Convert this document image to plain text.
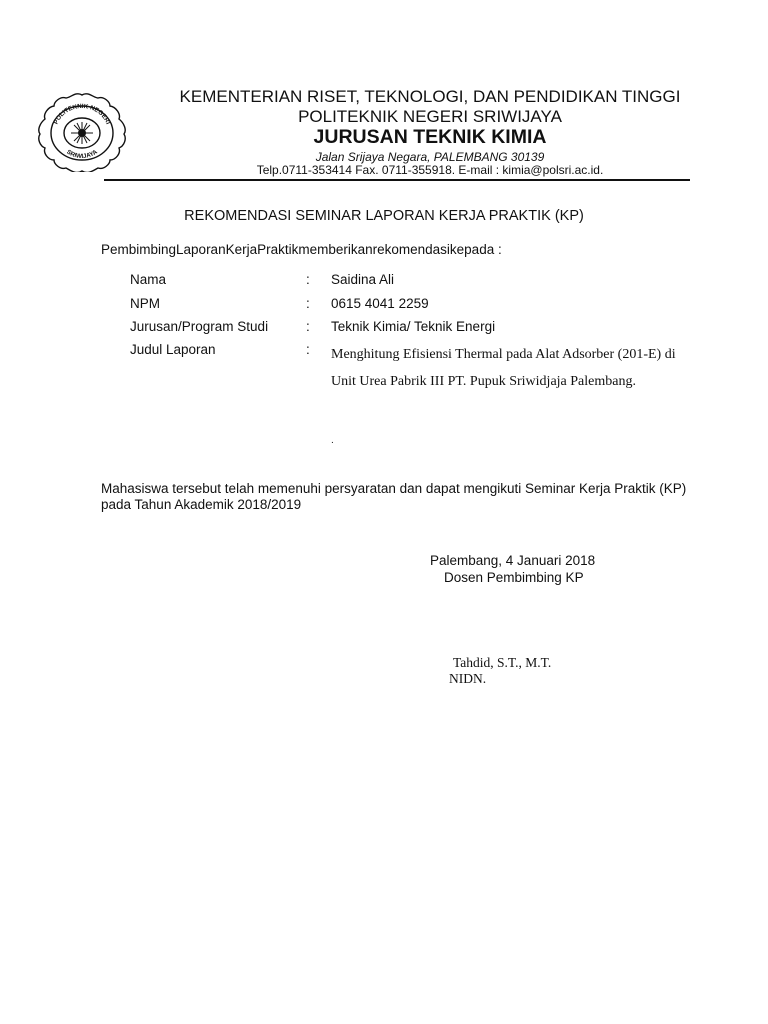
POLITEKNIK NEGERI
SRIWIJAYA
KEMENTERIAN RISET, TEKNOLOGI, DAN PENDIDIKAN TINGGI
POLITEKNIK NEGERI SRIWIJAYA
JURUSAN TEKNIK KIMIA
Jalan Srijaya Negara, PALEMBANG 30139
Telp.0711-353414 Fax. 0711-355918. E-mail : kimia@polsri.ac.id.
REKOMENDASI SEMINAR LAPORAN KERJA PRAKTIK (KP)
PembimbingLaporanKerjaPraktikmemberikanrekomendasikepada :
Nama	: Saidina Ali
NPM	: 0615 4041 2259
Jurusan/Program Studi	: Teknik Kimia/ Teknik Energi
Judul Laporan	: Menghitung Efisiensi Thermal pada Alat Adsorber (201-E) di Unit Urea Pabrik III PT. Pupuk Sriwidjaja Palembang.
.
Mahasiswa tersebut telah memenuhi persyaratan dan dapat mengikuti Seminar Kerja Praktik (KP) pada Tahun Akademik 2018/2019
Palembang, 4 Januari 2018
Dosen Pembimbing KP
Tahdid, S.T., M.T.
NIDN.
